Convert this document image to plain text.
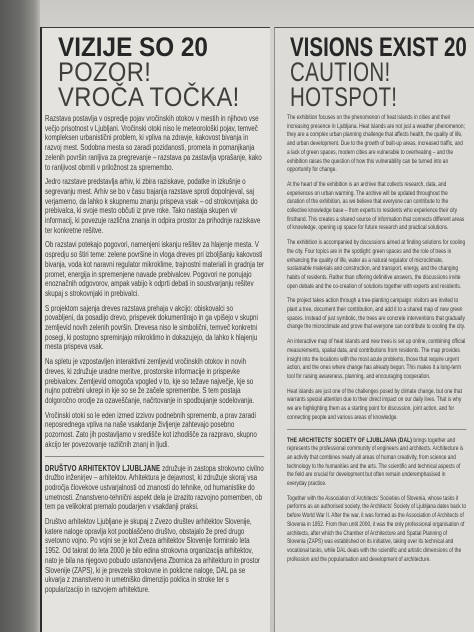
VIZIJE SO 20
POZOR!
VROČA TOČKA!

Razstava postavlja v ospredje pojav vročinskih otokov v mestih in njihovo vse večjo prisotnost v Ljubljani. Vročinski otoki niso le meteorološki pojav, temveč kompleksen urbanistični problem, ki vpliva na zdravje, kakovost bivanja in razvoj mest. Sodobna mesta so zaradi pozidanosti, prometa in pomanjkanja zelenih površin ranljiva za pregrevanje – razstava pa zastavlja vprašanje, kako to ranljivost obrniti v priložnost za spremembo.

Jedro razstave predstavlja arhiv, ki zbira raziskave, podatke in izkušnje o segrevanju mest. Arhiv se bo v času trajanja razstave sproti dopolnjeval, saj verjamemo, da lahko k skupnemu znanju prispeva vsak – od strokovnjaka do prebivalca, ki svoje mesto občuti iz prve roke. Tako nastaja skupen vir informacij, ki povezuje različna znanja in odpira prostor za prihodnje raziskave ter konkretne rešitve.

Ob razstavi potekajo pogovori, namenjeni iskanju rešitev za hlajenje mesta. V ospredju so štiri teme: zelene površine in vloga dreves pri izboljšanju kakovosti bivanja, voda kot naravni regulator mikroklime, trajnostni materiali in gradnja ter promet, energija in spremenjene navade prebivalcev. Pogovori ne ponujajo enoznačnih odgovorov, ampak vabijo k odprti debati in soustvarjanju rešitev skupaj s strokovnjaki in prebivalci.

S projektom sajenja dreves razstava prehaja v akcijo: obiskovalci so povabljeni, da posadijo drevo, prispevek dokumentirajo in ga vpišejo v skupni zemljevid novih zelenih površin. Drevesa niso le simbolični, temveč konkretni posegi, ki postopno spreminjajo mikroklimo in dokazujejo, da lahko k hlajenju mesta prispeva vsak.

Na spletu je vzpostavljen interaktivni zemljevid vročinskih otokov in novih dreves, ki združuje uradne meritve, prostorske informacije in prispevke prebivalcev. Zemljevid omogoča vpogled v to, kje so težave največje, kje so nujno potrebni ukrepi in kje so se že začele spremembe. S tem postaja dolgoročno orodje za ozaveščanje, načrtovanje in spodbujanje sodelovanja.

Vročinski otoki so le eden izmed izzivov podnebnih sprememb, a prav zaradi neposrednega vpliva na naše vsakdanje življenje zahtevajo posebno pozornost. Zato jih postavljamo v središče kot izhodišče za razpravo, skupno akcijo ter povezovanje različnih znanj in ljudi.

DRUŠTVO ARHITEKTOV LJUBLJANE združuje in zastopa strokovno civilno družbo inženirjev – arhitektov. Arhitektura je dejavnost, ki združuje skoraj vsa področja človekove ustvarjalnosti od znanosti do tehnike, od humanistike do umetnosti. Znanstveno-tehnični aspekt dela je izrazito razvojno pomemben, ob tem pa velikokrat premalo poudarjen v vsakdanji praksi.

Društvo arhitektov Ljubljane je skupaj z Zvezo društev arhitektov Slovenije, katere naloge opravlja kot pooblaščeno društvo, obstajalo že pred drugo svetovno vojno. Po vojni se je kot Zveza arhitektov Slovenije formiralo leta 1952. Od takrat do leta 2000 je bilo edina strokovna organizacija arhitektov, nato je bila na njegovo pobudo ustanovljena Zbornica za arhitekturo in prostor Slovenije (ZAPS), ki je prevzela strokovne in poklicne naloge, DAL pa se ukvarja z znanstveno in umetniško dimenzijo poklica in stroke ter s popularizacijo in razvojem arhitekture.

VISIONS EXIST 20
CAUTION!
HOTSPOT!

The exhibition focuses on the phenomenon of heat islands in cities and their increasing presence in Ljubljana. Heat islands are not just a weather phenomenon; they are a complex urban planning challenge that affects health, the quality of life, and urban development. Due to the growth of built-up areas, increased traffic, and a lack of green spaces, modern cities are vulnerable to overheating – and the exhibition raises the question of how this vulnerability can be turned into an opportunity for change.

At the heart of the exhibition is an archive that collects research, data, and experiences on urban warming. The archive will be updated throughout the duration of the exhibition, as we believe that everyone can contribute to the collective knowledge base – from experts to residents who experience their city firsthand. This creates a shared source of information that connects different areas of knowledge, opening up space for future research and practical solutions.

The exhibition is accompanied by discussions aimed at finding solutions for cooling the city. Four topics are in the spotlight: green spaces and the role of trees in enhancing the quality of life, water as a natural regulator of microclimate, sustainable materials and construction, and transport, energy, and the changing habits of residents. Rather than offering definitive answers, the discussions invite open debate and the co-creation of solutions together with experts and residents.

The project takes action through a tree-planting campaign: visitors are invited to plant a tree, document their contribution, and add it to a shared map of new green spaces. Instead of just symbolic, the trees are concrete interventions that gradually change the microclimate and prove that everyone can contribute to cooling the city.

An interactive map of heat islands and new trees is set up online, combining official measurements, spatial data, and contributions from residents. The map provides insight into the locations with the most acute problems, those that require urgent action, and the ones where change has already begun. This makes it a long-term tool for raising awareness, planning, and encouraging cooperation.

Heat islands are just one of the challenges posed by climate change, but one that warrants special attention due to their direct impact on our daily lives. That is why we are highlighting them as a starting point for discussion, joint action, and for connecting people and various areas of knowledge.

THE ARCHITECTS' SOCIETY OF LJUBLJANA (DAL) brings together and represents the professional community of engineers and architects. Architecture is an activity that combines nearly all areas of human creativity, from science and technology to the humanities and the arts. The scientific and technical aspects of the field are crucial for development but often remain underemphasised in everyday practice.

Together with the Association of Architects' Societies of Slovenia, whose tasks it performs as an authorised society, the Architects' Society of Ljubljana dates back to before World War II. After the war, it was formed as the Association of Architects of Slovenia in 1952. From then until 2000, it was the only professional organisation of architects, after which the Chamber of Architecture and Spatial Planning of Slovenia (ZAPS) was established on its initiative, taking over its technical and vocational tasks, while DAL deals with the scientific and artistic dimensions of the profession and the popularisation and development of architecture.
